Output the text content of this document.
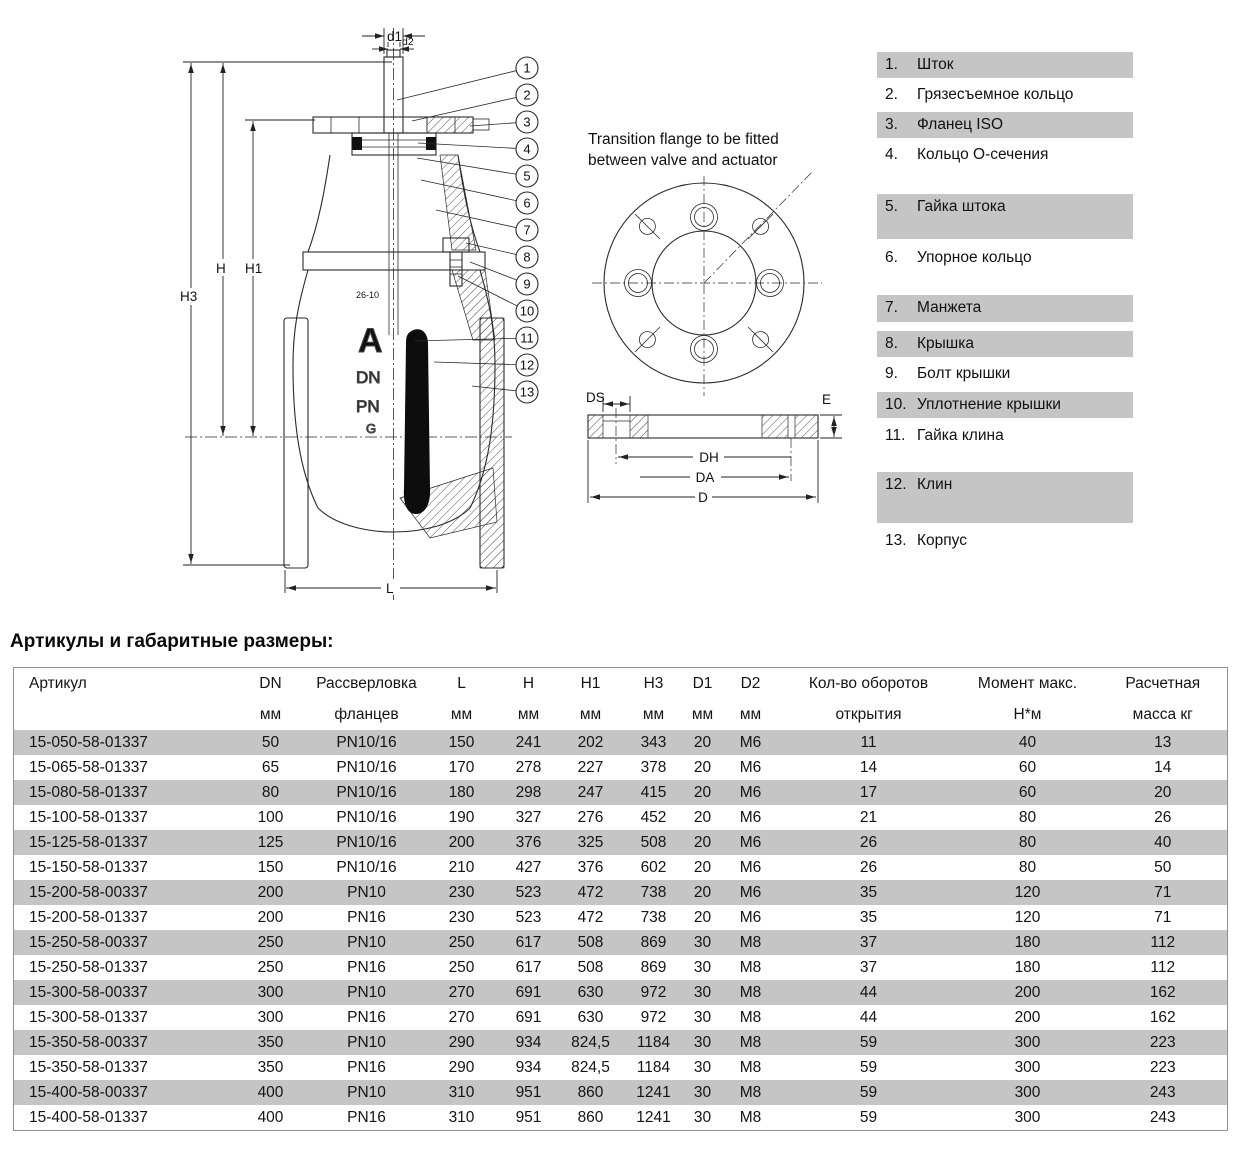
26-10
A
DN
PN
G
H3
H H1
L
d1 d2
1
2
3
4
5
6
7
8
9
10
11
12
13
Transition flange to be fitted
between valve and actuator
DS	E
DH
DA
D
1.	Шток
2.	Грязесъемное кольцо
3.	Фланец ISO
4.	Кольцо О-сечения
5.	Гайка штока
6.	Упорное кольцо
7.	Манжета
8.	Крышка
9.	Болт крышки
10. Уплотнение крышки
11. Гайка клина
12. Клин
13. Корпус
Артикулы и габаритные размеры:
Артикул	DN	Рассверловка	L	H	H1	H3	D1	D2	Кол-во оборотов	Момент макс.	Расчетная
	мм	фланцев	мм	мм	мм	мм	мм	мм	открытия	Н*м	масса кг
15-050-58-01337	50	PN10/16	150	241	202	343	20	M6	11	40	13
15-065-58-01337	65	PN10/16	170	278	227	378	20	M6	14	60	14
15-080-58-01337	80	PN10/16	180	298	247	415	20	M6	17	60	20
15-100-58-01337	100	PN10/16	190	327	276	452	20	M6	21	80	26
15-125-58-01337	125	PN10/16	200	376	325	508	20	M6	26	80	40
15-150-58-01337	150	PN10/16	210	427	376	602	20	M6	26	80	50
15-200-58-00337	200	PN10	230	523	472	738	20	M6	35	120	71
15-200-58-01337	200	PN16	230	523	472	738	20	M6	35	120	71
15-250-58-00337	250	PN10	250	617	508	869	30	M8	37	180	112
15-250-58-01337	250	PN16	250	617	508	869	30	M8	37	180	112
15-300-58-00337	300	PN10	270	691	630	972	30	M8	44	200	162
15-300-58-01337	300	PN16	270	691	630	972	30	M8	44	200	162
15-350-58-00337	350	PN10	290	934	824,5	1184	30	M8	59	300	223
15-350-58-01337	350	PN16	290	934	824,5	1184	30	M8	59	300	223
15-400-58-00337	400	PN10	310	951	860	1241	30	M8	59	300	243
15-400-58-01337	400	PN16	310	951	860	1241	30	M8	59	300	243
